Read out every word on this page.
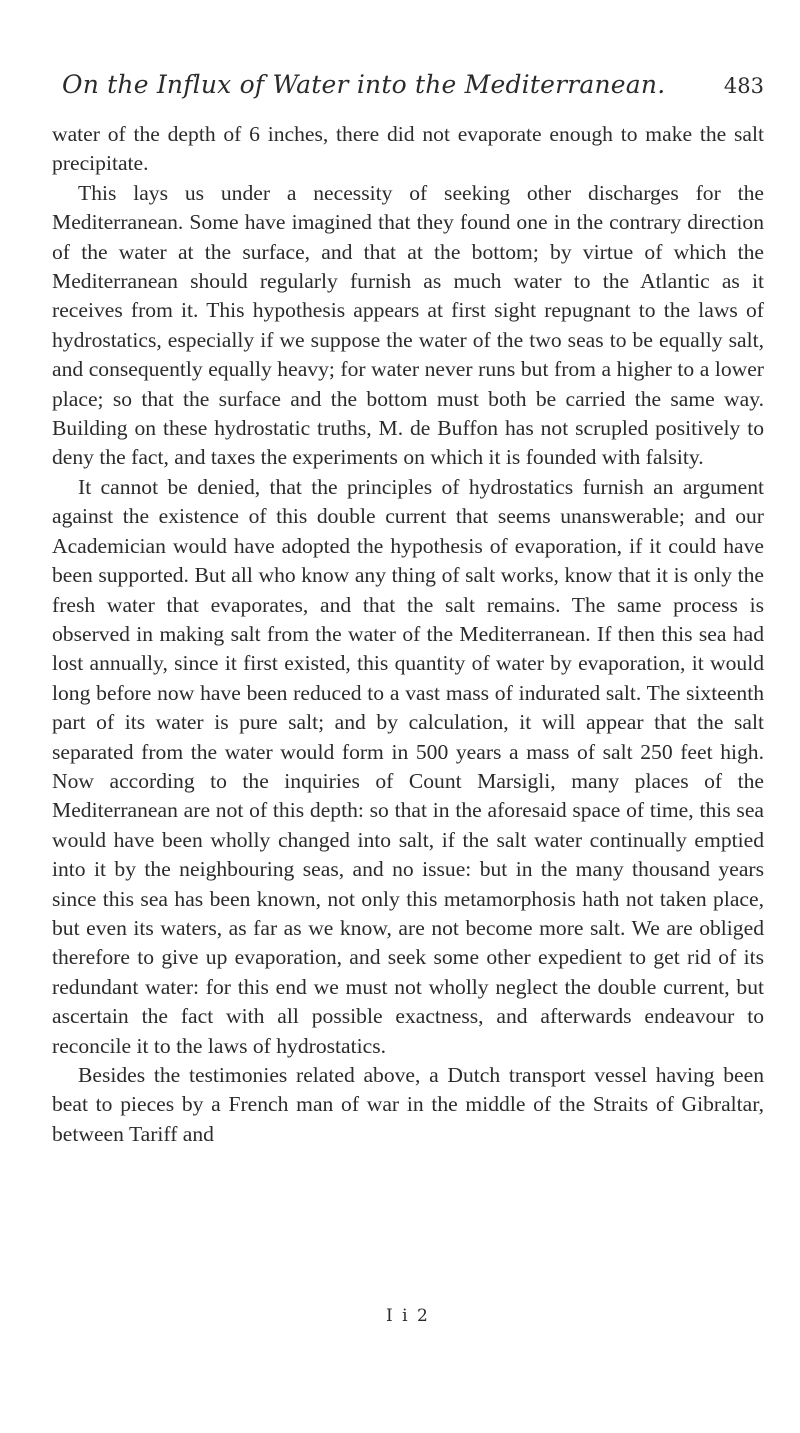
On the Influx of Water into the Mediterranean.	483

water of the depth of 6 inches, there did not evaporate enough to make the salt precipitate.

This lays us under a necessity of seeking other discharges for the Mediterranean. Some have imagined that they found one in the contrary direction of the water at the surface, and that at the bottom; by virtue of which the Mediterranean should regularly furnish as much water to the Atlantic as it receives from it. This hypothesis appears at first sight repugnant to the laws of hydrostatics, especially if we suppose the water of the two seas to be equally salt, and consequently equally heavy; for water never runs but from a higher to a lower place; so that the surface and the bottom must both be carried the same way. Building on these hydrostatic truths, M. de Buffon has not scrupled positively to deny the fact, and taxes the experiments on which it is founded with falsity.

It cannot be denied, that the principles of hydrostatics furnish an argument against the existence of this double current that seems unanswerable; and our Academician would have adopted the hypothesis of evaporation, if it could have been supported. But all who know any thing of salt works, know that it is only the fresh water that evaporates, and that the salt remains. The same process is observed in making salt from the water of the Mediterranean. If then this sea had lost annually, since it first existed, this quantity of water by evaporation, it would long before now have been reduced to a vast mass of indurated salt. The sixteenth part of its water is pure salt; and by calculation, it will appear that the salt separated from the water would form in 500 years a mass of salt 250 feet high. Now according to the inquiries of Count Marsigli, many places of the Mediterranean are not of this depth: so that in the aforesaid space of time, this sea would have been wholly changed into salt, if the salt water continually emptied into it by the neighbouring seas, and no issue: but in the many thousand years since this sea has been known, not only this metamorphosis hath not taken place, but even its waters, as far as we know, are not become more salt. We are obliged therefore to give up evaporation, and seek some other expedient to get rid of its redundant water: for this end we must not wholly neglect the double current, but ascertain the fact with all possible exactness, and afterwards endeavour to reconcile it to the laws of hydrostatics.

Besides the testimonies related above, a Dutch transport vessel having been beat to pieces by a French man of war in the middle of the Straits of Gibraltar, between Tariff and

I i 2
